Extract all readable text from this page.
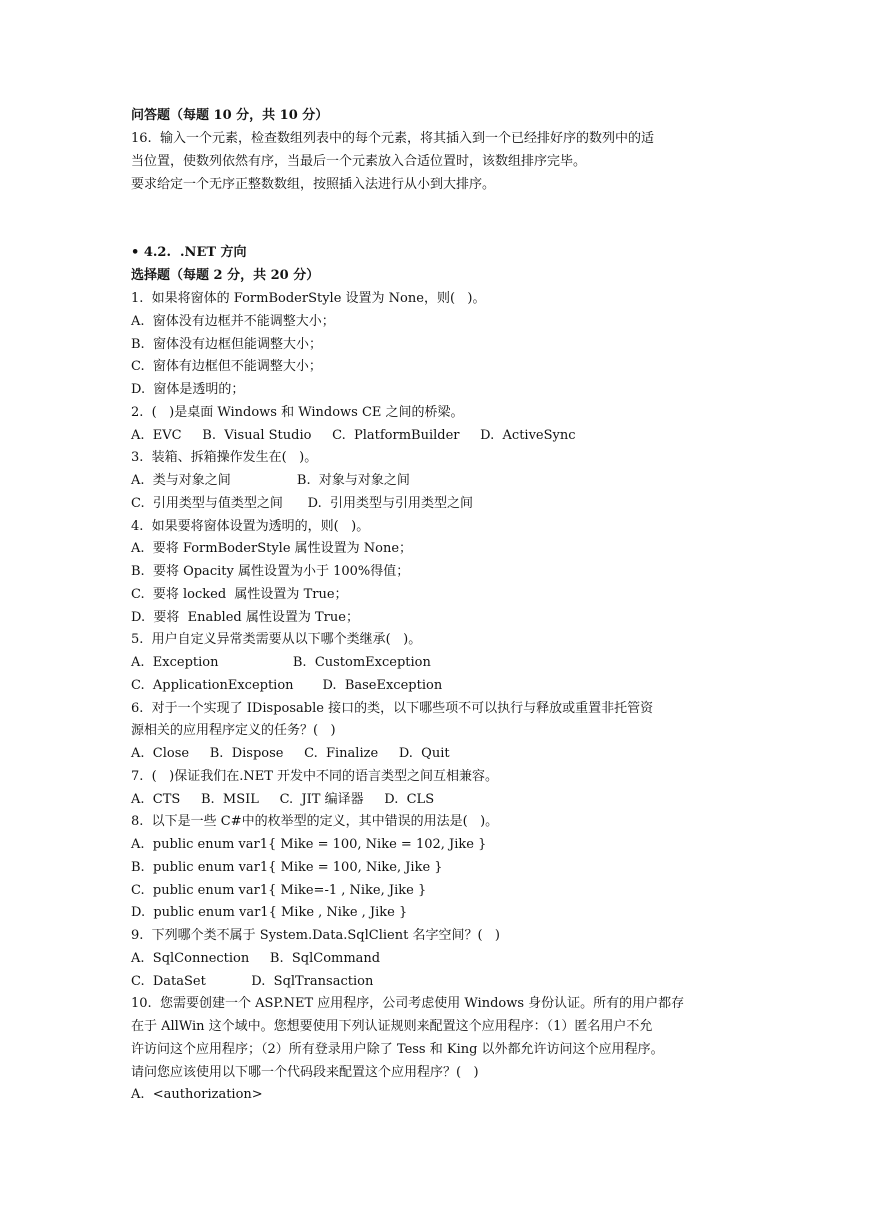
问答题（每题 10 分，共 10 分）
16.  输入一个元素，检查数组列表中的每个元素，将其插入到一个已经排好序的数列中的适
当位置，使数列依然有序，当最后一个元素放入合适位置时，该数组排序完毕。
要求给定一个无序正整数数组，按照插入法进行从小到大排序。
• 4.2.  .NET 方向
选择题（每题 2 分，共 20 分）
1.  如果将窗体的 FormBoderStyle 设置为 None，则(   )。
A.  窗体没有边框并不能调整大小；
B.  窗体没有边框但能调整大小；
C.  窗体有边框但不能调整大小；
D.  窗体是透明的；
2.  (   )是桌面 Windows 和 Windows CE 之间的桥梁。
A.  EVC     B.  Visual Studio     C.  PlatformBuilder     D.  ActiveSync
3.  装箱、拆箱操作发生在(   )。
A.  类与对象之间                B.  对象与对象之间
C.  引用类型与值类型之间      D.  引用类型与引用类型之间
4.  如果要将窗体设置为透明的，则(   )。
A.  要将 FormBoderStyle 属性设置为 None；
B.  要将 Opacity 属性设置为小于 100%得值；
C.  要将 locked  属性设置为 True；
D.  要将  Enabled 属性设置为 True；
5.  用户自定义异常类需要从以下哪个类继承(   )。
A.  Exception                  B.  CustomException
C.  ApplicationException       D.  BaseException
6.  对于一个实现了 IDisposable 接口的类，以下哪些项不可以执行与释放或重置非托管资
源相关的应用程序定义的任务？(   )
A.  Close     B.  Dispose     C.  Finalize     D.  Quit
7.  (   )保证我们在.NET 开发中不同的语言类型之间互相兼容。
A.  CTS     B.  MSIL     C.  JIT 编译器     D.  CLS
8.  以下是一些 C#中的枚举型的定义，其中错误的用法是(   )。
A.  public enum var1{ Mike = 100, Nike = 102, Jike }
B.  public enum var1{ Mike = 100, Nike, Jike }
C.  public enum var1{ Mike=-1 , Nike, Jike }
D.  public enum var1{ Mike , Nike , Jike }
9.  下列哪个类不属于 System.Data.SqlClient 名字空间？(   )
A.  SqlConnection     B.  SqlCommand
C.  DataSet           D.  SqlTransaction
10.  您需要创建一个 ASP.NET 应用程序，公司考虑使用 Windows 身份认证。所有的用户都存
在于 AllWin 这个域中。您想要使用下列认证规则来配置这个应用程序：（1）匿名用户不允
许访问这个应用程序；（2）所有登录用户除了 Tess 和 King 以外都允许访问这个应用程序。
请问您应该使用以下哪一个代码段来配置这个应用程序？(   )
A.  <authorization>
